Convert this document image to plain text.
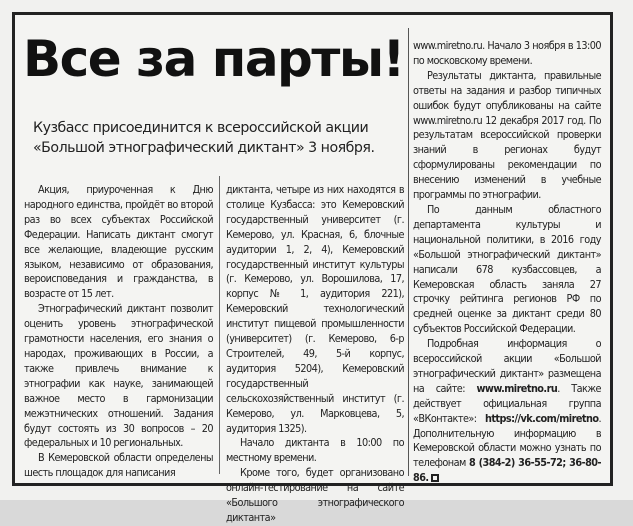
Все за парты!
Кузбасс присоединится к всероссийской акции «Большой этнографический диктант» 3 ноября.

Акция, приуроченная к Дню народного единства, пройдёт во второй раз во всех субъектах Российской Федерации. Написать диктант смогут все желающие, владеющие русским языком, независимо от образования, вероисповедания и гражданства, в возрасте от 15 лет.

Этнографический диктант позволит оценить уровень этнографической грамотности населения, его знания о народах, проживающих в России, а также привлечь внимание к этнографии как науке, занимающей важное место в гармонизации межэтнических отношений. Задания будут состоять из 30 вопросов – 20 федеральных и 10 региональных.

В Кемеровской области определены шесть площадок для написания

диктанта, четыре из них находятся в столице Кузбасса: это Кемеровский государственный университет (г. Кемерово, ул. Красная, 6, блочные аудитории 1, 2, 4), Кемеровский государственный институт культуры (г. Кемерово, ул. Ворошилова, 17, корпус № 1, аудитория 221), Кемеровский технологический институт пищевой промышленности (университет) (г. Кемерово, 6-р Строителей, 49, 5-й корпус, аудитория 5204), Кемеровский государственный сельскохозяйственный институт (г. Кемерово, ул. Марковцева, 5, аудитория 1325).

Начало диктанта в 10:00 по местному времени.

Кроме того, будет организовано онлайн-тестирование на сайте «Большого этнографического диктанта»

www.miretno.ru. Начало 3 ноября в 13:00 по московскому времени.

Результаты диктанта, правильные ответы на задания и разбор типичных ошибок будут опубликованы на сайте www.miretno.ru 12 декабря 2017 год. По результатам всероссийской проверки знаний в регионах будут сформулированы рекомендации по внесению изменений в учебные программы по этнографии.

По данным областного департамента культуры и национальной политики, в 2016 году «Большой этнографический диктант» написали 678 кузбассовцев, а Кемеровская область заняла 27 строчку рейтинга регионов РФ по средней оценке за диктант среди 80 субъектов Российской Федерации.

Подробная информация о всероссийской акции «Большой этнографический диктант» размещена на сайте: www.miretno.ru. Также действует официальная группа «ВКонтакте»: https://vk.com/miretno. Дополнительную информацию в Кемеровской области можно узнать по телефонам 8 (384-2) 36-55-72; 36-80-86.
